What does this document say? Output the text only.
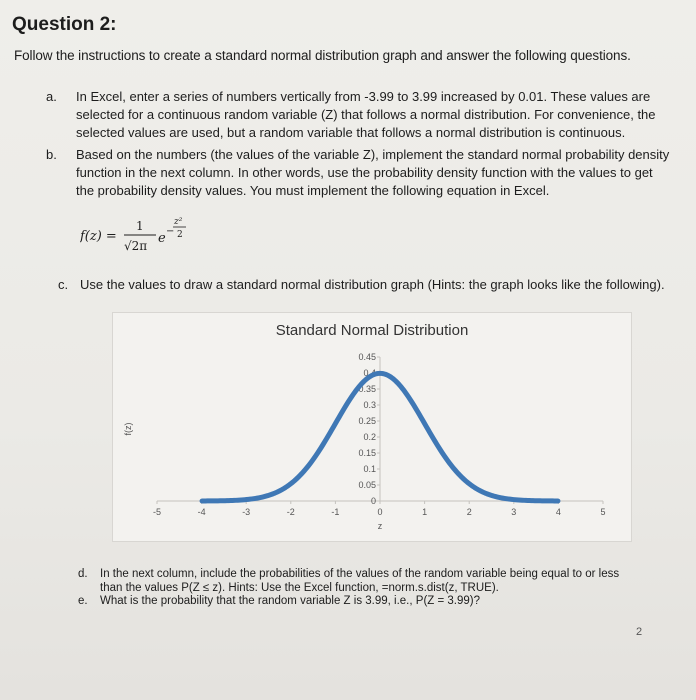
Question 2:
Follow the instructions to create a standard normal distribution graph and answer the following questions.
a. In Excel, enter a series of numbers vertically from -3.99 to 3.99 increased by 0.01. These values are
selected for a continuous random variable (Z) that follows a normal distribution. For convenience, the
selected values are used, but a random variable that follows a normal distribution is continuous.
b. Based on the numbers (the values of the variable Z), implement the standard normal probability density
function in the next column. In other words, use the probability density function with the values to get
the probability density values. You must implement the following equation in Excel.
f(z) =
1
√2π e −
z²
2
c. Use the values to draw a standard normal distribution graph (Hints: the graph looks like the following).
Standard Normal Distribution
0
0.05
0.1
0.15
0.2
0.25
0.3
0.35
0.4
0.45
-5	-4	-3	-2	-1	0	1	2	3	4	5
z
f(z)
d. In the next column, include the probabilities of the values of the random variable being equal to or less
than the values P(Z ≤ z). Hints: Use the Excel function, =norm.s.dist(z, TRUE).
e. What is the probability that the random variable Z is 3.99, i.e., P(Z = 3.99)?
2
